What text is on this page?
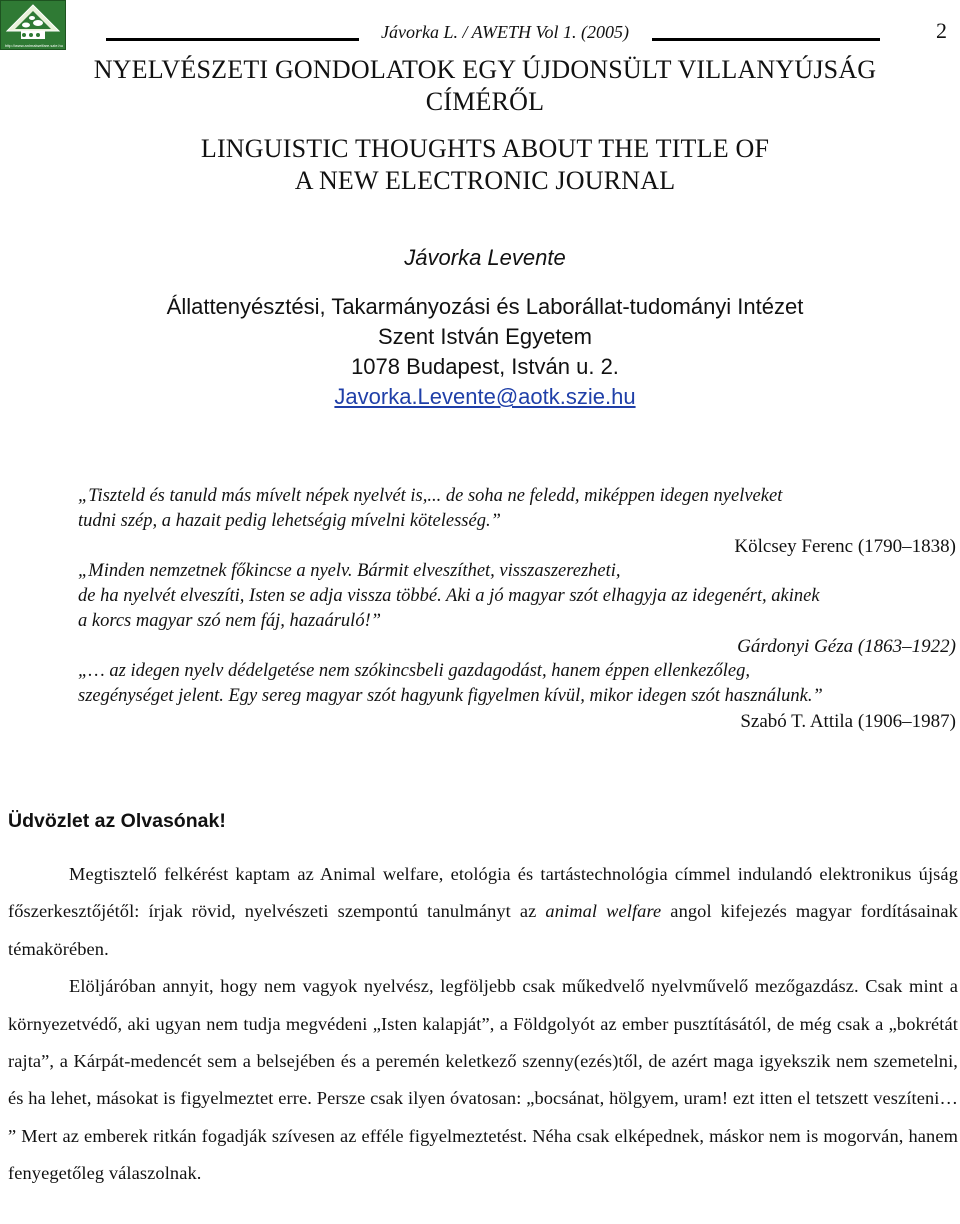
http://www.animalwelfare.szie.hu
Jávorka L. / AWETH Vol 1. (2005)	2
NYELVÉSZETI GONDOLATOK EGY ÚJDONSÜLT VILLANYÚJSÁG CÍMÉRŐL
LINGUISTIC THOUGHTS ABOUT THE TITLE OF
A NEW ELECTRONIC JOURNAL
Jávorka Levente
Állattenyésztési, Takarmányozási és Laborállat-tudományi Intézet
Szent István Egyetem
1078 Budapest, István u. 2.
Javorka.Levente@aotk.szie.hu
„Tiszteld és tanuld más mívelt népek nyelvét is,... de soha ne feledd, miképpen idegen nyelveket
tudni szép, a hazait pedig lehetségig mívelni kötelesség.”
Kölcsey Ferenc (1790–1838)
„Minden nemzetnek főkincse a nyelv. Bármit elveszíthet, visszaszerezheti,
de ha nyelvét elveszíti, Isten se adja vissza többé. Aki a jó magyar szót elhagyja az idegenért, akinek
a korcs magyar szó nem fáj, hazaáruló!”
Gárdonyi Géza (1863–1922)
„… az idegen nyelv dédelgetése nem szókincsbeli gazdagodást, hanem éppen ellenkezőleg,
szegénységet jelent. Egy sereg magyar szót hagyunk figyelmen kívül, mikor idegen szót használunk.”
Szabó T. Attila (1906–1987)
Üdvözlet az Olvasónak!

Megtisztelő felkérést kaptam az Animal welfare, etológia és tartástechnológia címmel indulandó elektronikus újság főszerkesztőjétől: írjak rövid, nyelvészeti szempontú tanulmányt az animal welfare angol kifejezés magyar fordításainak témakörében.

Elöljáróban annyit, hogy nem vagyok nyelvész, legföljebb csak műkedvelő nyelvművelő mezőgazdász. Csak mint a környezetvédő, aki ugyan nem tudja megvédeni „Isten kalapját”, a Földgolyót az ember pusztításától, de még csak a „bokrétát rajta”, a Kárpát-medencét sem a belsejében és a peremén keletkező szenny(ezés)től, de azért maga igyekszik nem szemetelni, és ha lehet, másokat is figyelmeztet erre. Persze csak ilyen óvatosan: „bocsánat, hölgyem, uram! ezt itten el tetszett veszíteni… ” Mert az emberek ritkán fogadják szívesen az efféle figyelmeztetést. Néha csak elképednek, máskor nem is mogorván, hanem fenyegetőleg válaszolnak.
